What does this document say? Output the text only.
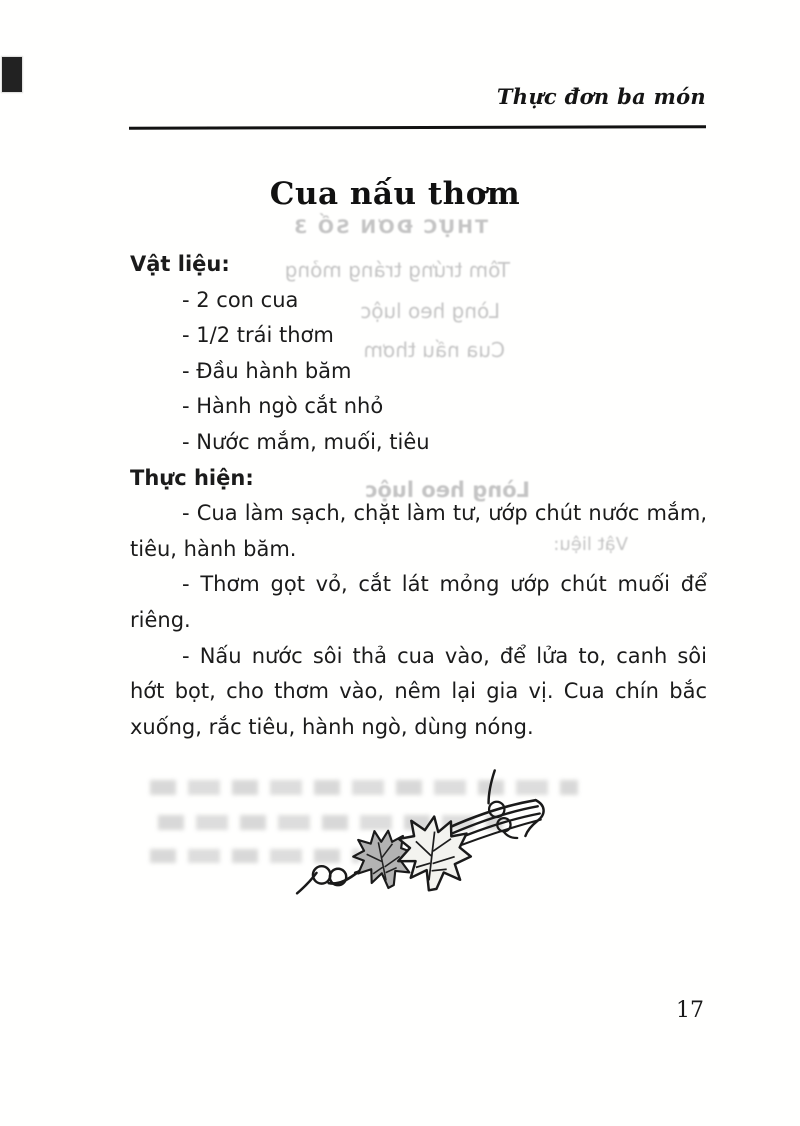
THỰC ĐƠN SỐ 3
Tôm trứng tráng mỏng
Lòng heo luộc
Cua nấu thơm
Lòng heo luộc
Vật liệu:
Thực đơn ba món
Cua nấu thơm
Vật liệu:
- 2 con cua
- 1/2 trái thơm
- Đầu hành băm
- Hành ngò cắt nhỏ
- Nước mắm, muối, tiêu
Thực hiện:

- Cua làm sạch, chặt làm tư, ướp chút nước mắm, tiêu, hành băm.

- Thơm gọt vỏ, cắt lát mỏng ướp chút muối để riêng.

- Nấu nước sôi thả cua vào, để lửa to, canh sôi hớt bọt, cho thơm vào, nêm lại gia vị. Cua chín bắc xuống, rắc tiêu, hành ngò, dùng nóng.

17
